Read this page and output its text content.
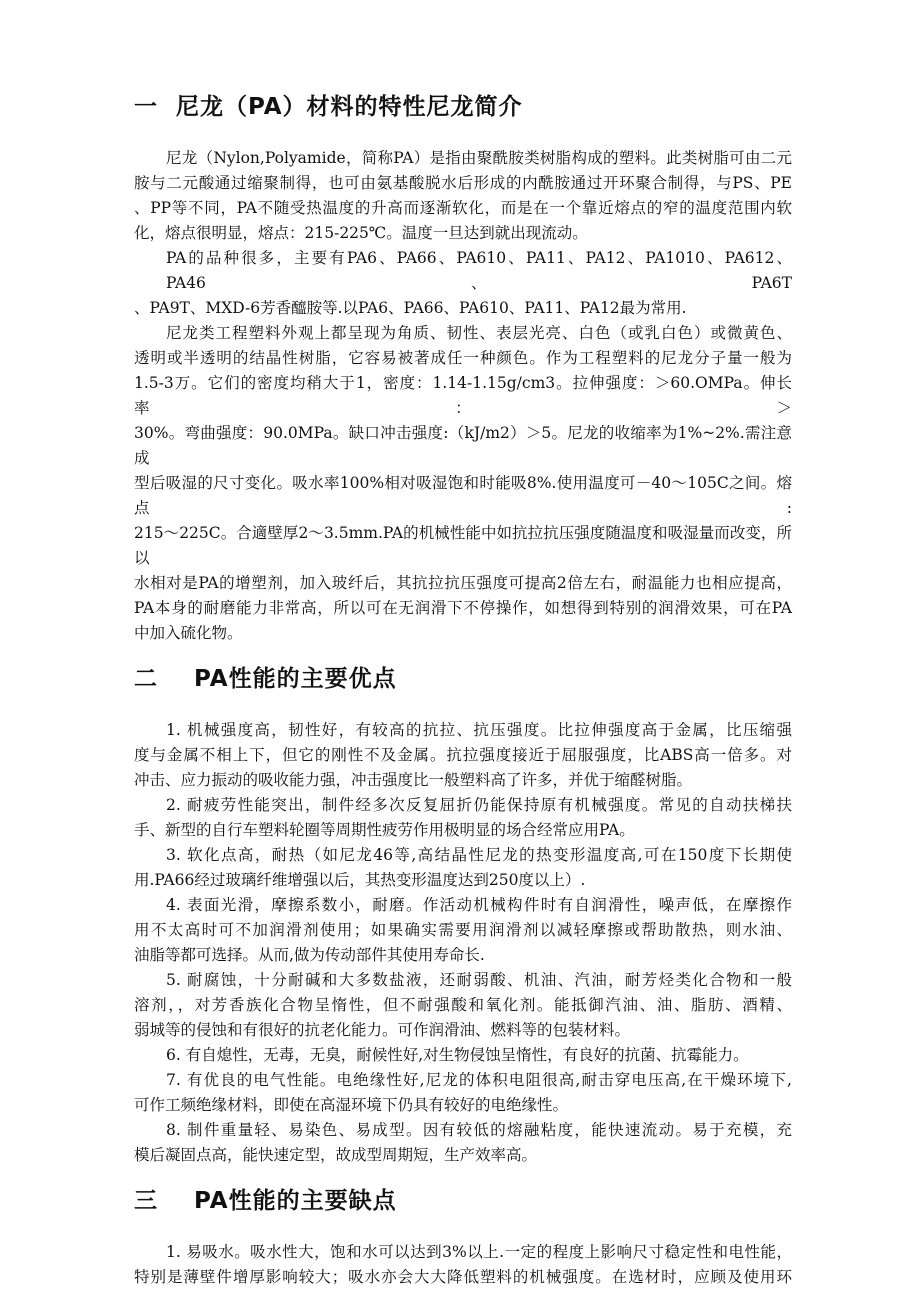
一  尼龙（PA）材料的特性尼龙简介
尼龙（Nylon,Polyamide，简称PA）是指由聚酰胺类树脂构成的塑料。此类树脂可由二元
胺与二元酸通过缩聚制得，也可由氨基酸脱水后形成的内酰胺通过开环聚合制得，与PS、PE
、PP等不同，PA不随受热温度的升高而逐渐软化，而是在一个靠近熔点的窄的温度范围内软
化，熔点很明显，熔点：215-225℃。温度一旦达到就出现流动。
PA的品种很多，主要有PA6、PA66、PA610、PA11、PA12、PA1010、PA612、PA46、PA6T
、PA9T、MXD-6芳香醯胺等.以PA6、PA66、PA610、PA11、PA12最为常用.
尼龙类工程塑料外观上都呈现为角质、韧性、表层光亮、白色（或乳白色）或微黄色、
透明或半透明的结晶性树脂，它容易被著成任一种颜色。作为工程塑料的尼龙分子量一般为
1.5-3万。它们的密度均稍大于1，密度：1.14-1.15g/cm3。拉伸强度：＞60.OMPa。伸长率：＞
30%。弯曲强度：90.0MPa。缺口冲击强度:（kJ/m2）＞5。尼龙的收缩率为1%~2%.需注意成
型后吸湿的尺寸变化。吸水率100%相对吸湿饱和时能吸8%.使用温度可－40～105C之间。熔点:
215～225C。合適壁厚2～3.5mm.PA的机械性能中如抗拉抗压强度随温度和吸湿量而改变，所以
水相对是PA的增塑剂，加入玻纤后，其抗拉抗压强度可提高2倍左右，耐温能力也相应提高，
PA本身的耐磨能力非常高，所以可在无润滑下不停操作，如想得到特别的润滑效果，可在PA
中加入硫化物。
二    PA性能的主要优点
1. 机械强度高，韧性好，有较高的抗拉、抗压强度。比拉伸强度高于金属，比压缩强
度与金属不相上下，但它的刚性不及金属。抗拉强度接近于屈服强度，比ABS高一倍多。对
冲击、应力振动的吸收能力强，冲击强度比一般塑料高了许多，并优于缩醛树脂。
2. 耐疲劳性能突出，制件经多次反复屈折仍能保持原有机械强度。常见的自动扶梯扶
手、新型的自行车塑料轮圈等周期性疲劳作用极明显的场合经常应用PA。
3. 软化点高，耐热（如尼龙46等,高结晶性尼龙的热变形温度高,可在150度下长期使
用.PA66经过玻璃纤维增强以后，其热变形温度达到250度以上）.
4. 表面光滑，摩擦系数小，耐磨。作活动机械构件时有自润滑性，噪声低，在摩擦作
用不太高时可不加润滑剂使用；如果确实需要用润滑剂以减轻摩擦或帮助散热，则水油、
油脂等都可选择。从而,做为传动部件其使用寿命长.
5. 耐腐蚀，十分耐碱和大多数盐液，还耐弱酸、机油、汽油，耐芳烃类化合物和一般
溶剂，，对芳香族化合物呈惰性，但不耐强酸和氧化剂。能抵御汽油、油、脂肪、酒精、
弱城等的侵蚀和有很好的抗老化能力。可作润滑油、燃料等的包装材料。
6. 有自熄性，无毒，无臭，耐候性好,对生物侵蚀呈惰性，有良好的抗菌、抗霉能力。
7. 有优良的电气性能。电绝缘性好,尼龙的体积电阻很高,耐击穿电压高,在干燥环境下,
可作工频绝缘材料，即使在高湿环境下仍具有较好的电绝缘性。
8. 制件重量轻、易染色、易成型。因有较低的熔融粘度，能快速流动。易于充模，充
模后凝固点高，能快速定型，故成型周期短，生产效率高。
三    PA性能的主要缺点
1. 易吸水。吸水性大，饱和水可以达到3%以上.一定的程度上影响尺寸稳定性和电性能，
特别是薄壁件增厚影响较大；吸水亦会大大降低塑料的机械强度。在选材时，应顾及使用环
